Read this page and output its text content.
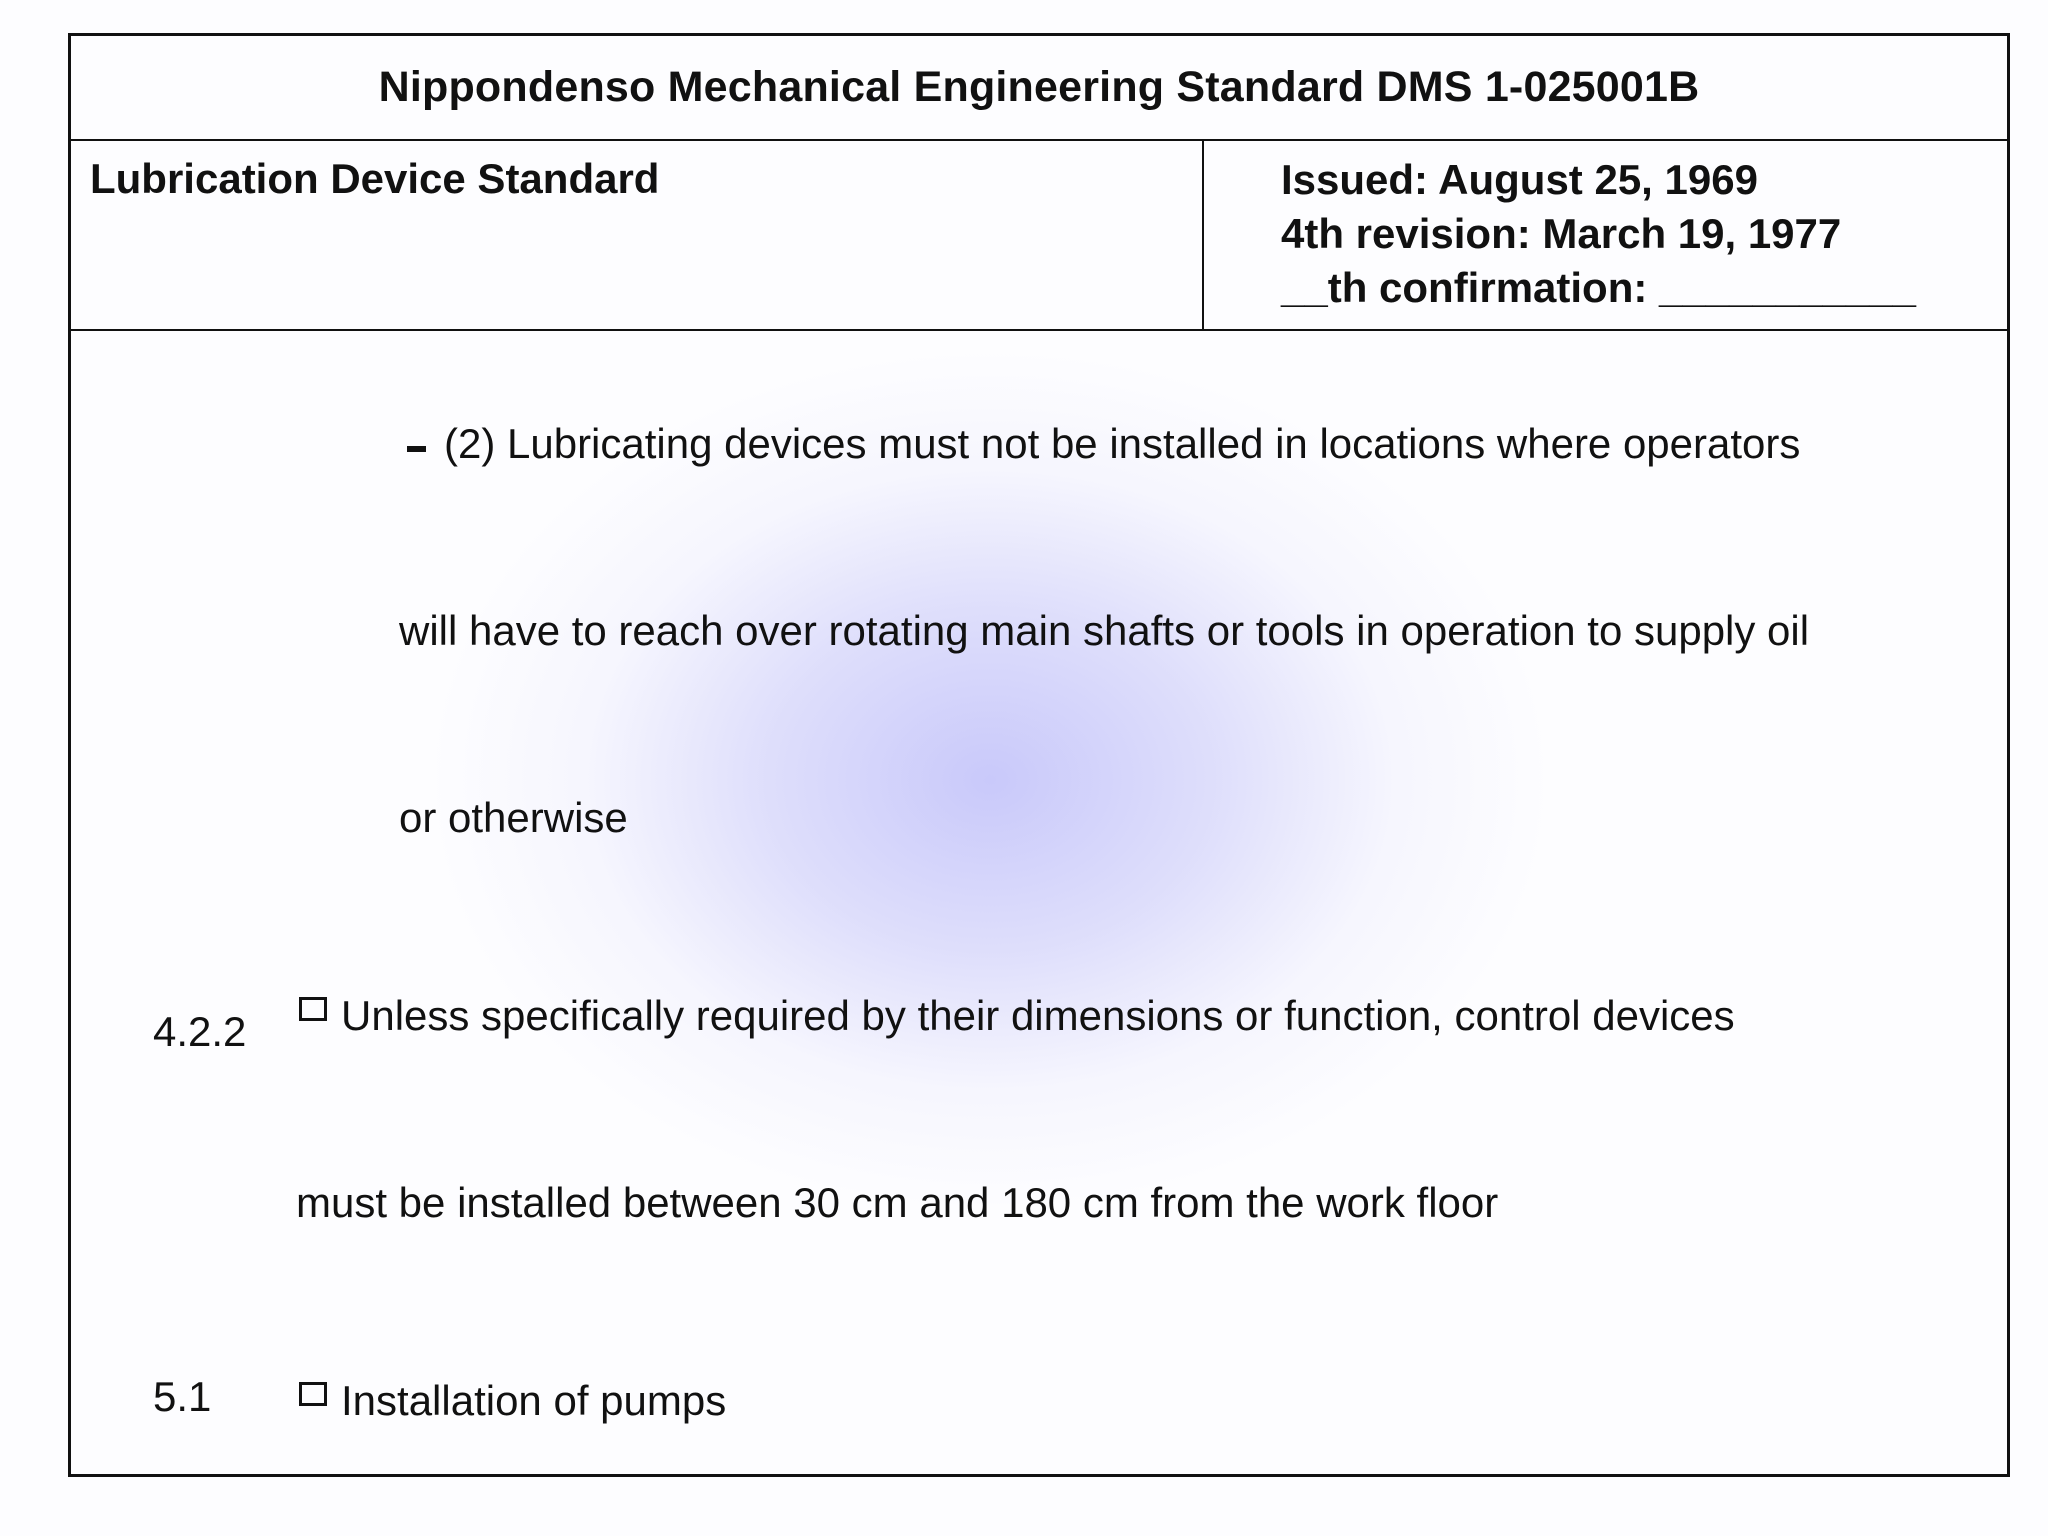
Nippondenso Mechanical Engineering Standard DMS 1-025001B
Lubrication Device Standard	Issued: August 25, 1969
4th revision: March 19, 1977
__th confirmation: ___________
(2) Lubricating devices must not be installed in locations where operators
will have to reach over rotating main shafts or tools in operation to supply oil
or otherwise
4.2.2 Unless specifically required by their dimensions or function, control devices
must be installed between 30 cm and 180 cm from the work floor
5.1	Installation of pumps
